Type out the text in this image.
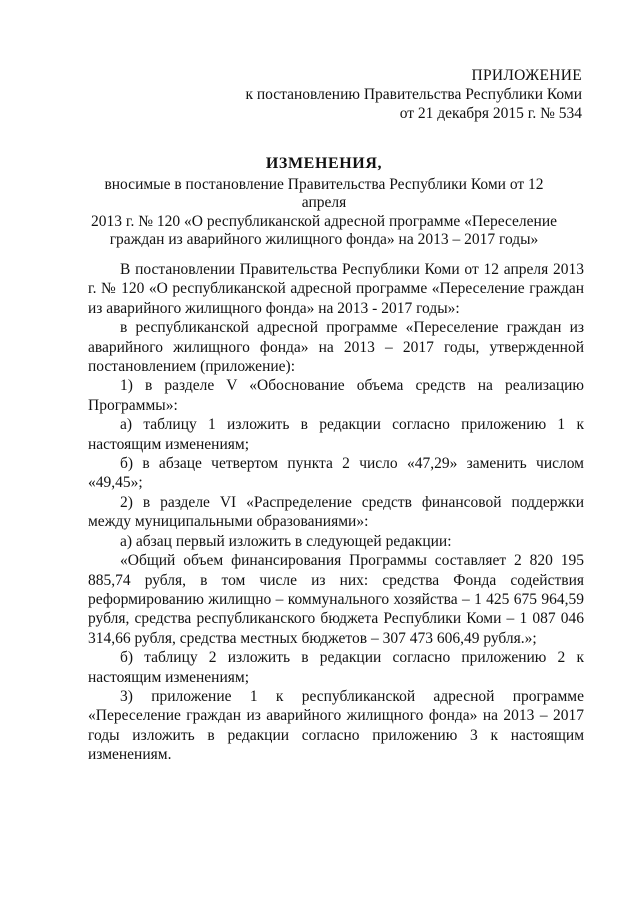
ПРИЛОЖЕНИЕ
к постановлению Правительства Республики Коми
от 21 декабря 2015 г. № 534
ИЗМЕНЕНИЯ,
вносимые в постановление Правительства Республики Коми от 12 апреля
2013 г. № 120 «О республиканской адресной программе «Переселение
граждан из аварийного жилищного фонда» на 2013 – 2017 годы»

В постановлении Правительства Республики Коми от 12 апреля 2013 г. № 120 «О республиканской адресной программе «Переселение граждан из аварийного жилищного фонда» на 2013 - 2017 годы»:

в республиканской адресной программе «Переселение граждан из аварийного жилищного фонда» на 2013 – 2017 годы, утвержденной постановлением (приложение):

1) в разделе V «Обоснование объема средств на реализацию Программы»:

а) таблицу 1 изложить в редакции согласно приложению 1 к настоящим изменениям;

б) в абзаце четвертом пункта 2 число «47,29» заменить числом «49,45»;

2) в разделе VI «Распределение средств финансовой поддержки между муниципальными образованиями»:

а) абзац первый изложить в следующей редакции:

«Общий объем финансирования Программы составляет 2 820 195 885,74 рубля, в том числе из них: средства Фонда содействия реформированию жилищно – коммунального хозяйства – 1 425 675 964,59 рубля, средства республиканского бюджета Республики Коми – 1 087 046 314,66 рубля, средства местных бюджетов – 307 473 606,49 рубля.»;

б) таблицу 2 изложить в редакции согласно приложению 2 к настоящим изменениям;

3) приложение 1 к республиканской адресной программе «Переселение граждан из аварийного жилищного фонда» на 2013 – 2017 годы изложить в редакции согласно приложению 3 к настоящим изменениям.
